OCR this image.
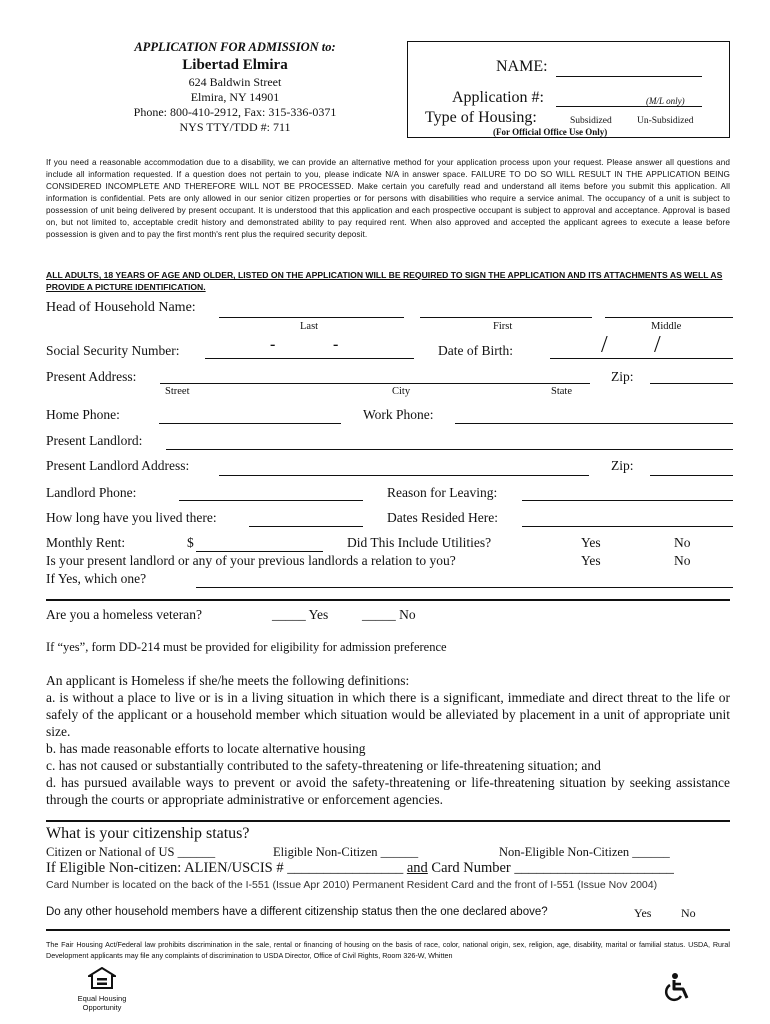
APPLICATION FOR ADMISSION to:
Libertad Elmira
624 Baldwin Street
Elmira, NY 14901
Phone: 800-410-2912, Fax: 315-336-0371
NYS TTY/TDD #: 711
NAME:
Application #:	(M/L only)
Type of Housing:	Subsidized	Un-Subsidized
(For Official Office Use Only)
If you need a reasonable accommodation due to a disability, we can provide an alternative method for your application process upon your request. Please answer all questions and include all information requested. If a question does not pertain to you, please indicate N/A in answer space. FAILURE TO DO SO WILL RESULT IN THE APPLICATION BEING CONSIDERED INCOMPLETE AND THEREFORE WILL NOT BE PROCESSED. Make certain you carefully read and understand all items before you submit this application. All information is confidential. Pets are only allowed in our senior citizen properties or for persons with disabilities who require a service animal. The occupancy of a unit is subject to possession of unit being delivered by present occupant. It is understood that this application and each prospective occupant is subject to approval and acceptance. Approval is based on, but not limited to, acceptable credit history and demonstrated ability to pay required rent. When also approved and accepted the applicant agrees to execute a lease before possession is given and to pay the first month's rent plus the required security deposit.
ALL ADULTS, 18 YEARS OF AGE AND OLDER, LISTED ON THE APPLICATION WILL BE REQUIRED TO SIGN THE APPLICATION AND ITS ATTACHMENTS AS WELL AS PROVIDE A PICTURE IDENTIFICATION.
Head of Household Name:
Last	First	Middle
Social Security Number:	-	-	Date of Birth:	/ /
Present Address:	Zip:
Street	City	State
Home Phone:	Work Phone:
Present Landlord:
Present Landlord Address:	Zip:
Landlord Phone:	Reason for Leaving:
How long have you lived there:	Dates Resided Here:
Monthly Rent:	$	Did This Include Utilities?	Yes	No
Is your present landlord or any of your previous landlords a relation to you?	Yes	No
If Yes, which one?
Are you a homeless veteran?	_____ Yes _____ No
If “yes”, form DD-214 must be provided for eligibility for admission preference
An applicant is Homeless if she/he meets the following definitions:
a. is without a place to live or is in a living situation in which there is a significant, immediate and direct threat to the life or safely of the applicant or a household member which situation would be alleviated by placement in a unit of appropriate unit size.
b. has made reasonable efforts to locate alternative housing
c. has not caused or substantially contributed to the safety-threatening or life-threatening situation; and
d. has pursued available ways to prevent or avoid the safety-threatening or life-threatening situation by seeking assistance through the courts or appropriate administrative or enforcement agencies.
What is your citizenship status?
Citizen or National of US ______	Eligible Non-Citizen ______	Non-Eligible Non-Citizen ______
If Eligible Non-citizen: ALIEN/USCIS # ________________ and Card Number ______________________
Card Number is located on the back of the I-551 (Issue Apr 2010) Permanent Resident Card and the front of I-551 (Issue Nov 2004)
Do any other household members have a different citizenship status then the one declared above?	Yes No
The Fair Housing Act/Federal law prohibits discrimination in the sale, rental or financing of housing on the basis of race, color, national origin, sex, religion, age, disability, marital or familial status. USDA, Rural Development applicants may file any complaints of discrimination to USDA Director, Office of Civil Rights, Room 326-W, Whitten
Equal Housing
Opportunity
